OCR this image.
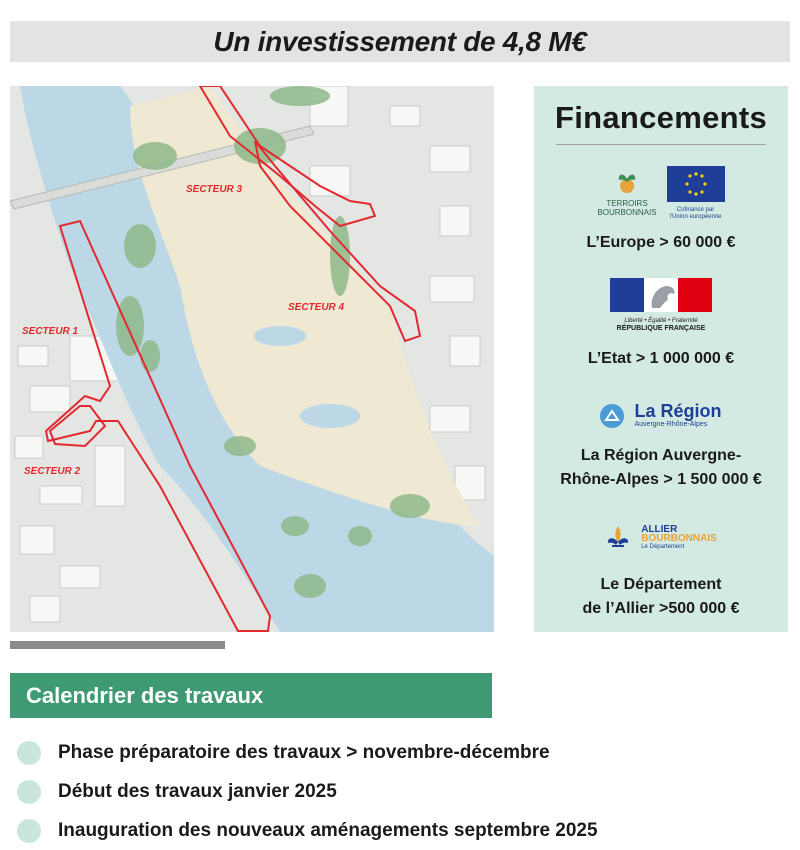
Un investissement de 4,8 M€
SECTEUR 3
SECTEUR 4
SECTEUR 1
SECTEUR 2
Financements
TERROIRS
BOURBONNAIS	Cofinancé par
l'Union européenne
L’Europe > 60 000 €
Liberté • Égalité • Fraternité
RÉPUBLIQUE FRANÇAISE
L’Etat > 1 000 000 €
La Région
Auvergne-Rhône-Alpes
La Région Auvergne-
Rhône-Alpes > 1 500 000 €
ALLIER
BOURBONNAIS
Le Département
Le Département
de l’Allier >500 000 €
Calendrier des travaux
Phase préparatoire des travaux > novembre-décembre
Début des travaux janvier 2025
Inauguration des nouveaux aménagements septembre 2025
